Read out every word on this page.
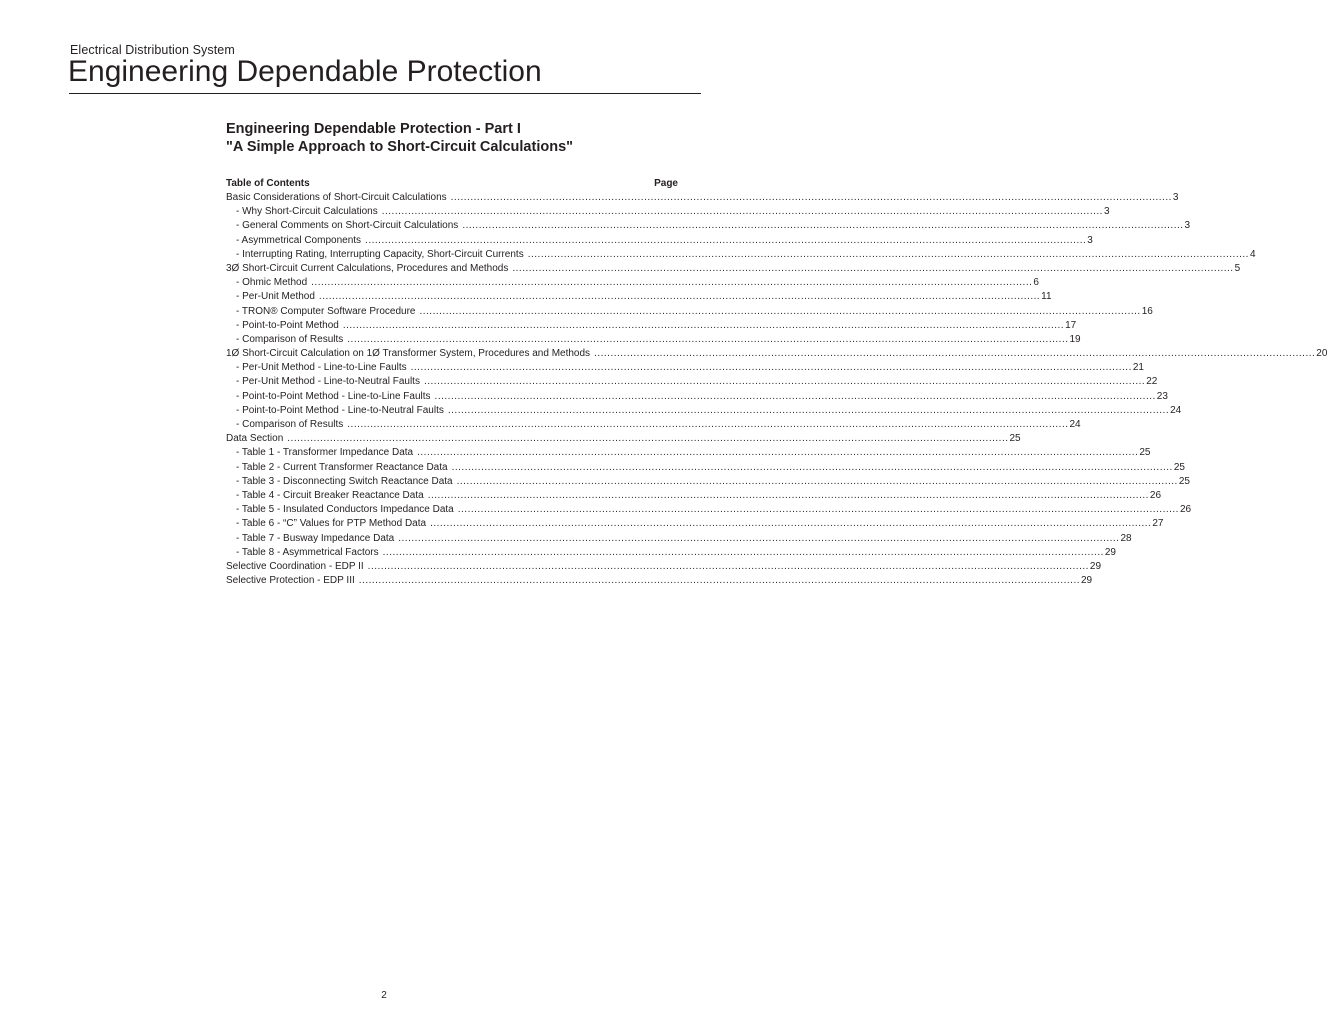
Electrical Distribution System
Engineering Dependable Protection
Engineering Dependable Protection - Part I
"A Simple Approach to Short-Circuit Calculations"
Table of Contents	Page
Basic Considerations of Short-Circuit Calculations ............................................................................................................................................................................................................................ 3
- Why Short-Circuit Calculations ............................................................................................................................................................................................................................ 3
- General Comments on Short-Circuit Calculations ............................................................................................................................................................................................................................ 3
- Asymmetrical Components ............................................................................................................................................................................................................................ 3
- Interrupting Rating, Interrupting Capacity, Short-Circuit Currents ............................................................................................................................................................................................................................ 4
3Ø Short-Circuit Current Calculations, Procedures and Methods ............................................................................................................................................................................................................................ 5
- Ohmic Method ............................................................................................................................................................................................................................ 6
- Per-Unit Method ............................................................................................................................................................................................................................ 11
- TRON® Computer Software Procedure ............................................................................................................................................................................................................................ 16
- Point-to-Point Method ............................................................................................................................................................................................................................ 17
- Comparison of Results ............................................................................................................................................................................................................................ 19
1Ø Short-Circuit Calculation on 1Ø Transformer System, Procedures and Methods ............................................................................................................................................................................................................................ 20
- Per-Unit Method - Line-to-Line Faults ............................................................................................................................................................................................................................ 21
- Per-Unit Method - Line-to-Neutral Faults ............................................................................................................................................................................................................................ 22
- Point-to-Point Method - Line-to-Line Faults ............................................................................................................................................................................................................................ 23
- Point-to-Point Method - Line-to-Neutral Faults ............................................................................................................................................................................................................................ 24
- Comparison of Results ............................................................................................................................................................................................................................ 24
Data Section ............................................................................................................................................................................................................................ 25
- Table 1 - Transformer Impedance Data ............................................................................................................................................................................................................................ 25
- Table 2 - Current Transformer Reactance Data ............................................................................................................................................................................................................................ 25
- Table 3 - Disconnecting Switch Reactance Data ............................................................................................................................................................................................................................ 25
- Table 4 - Circuit Breaker Reactance Data ............................................................................................................................................................................................................................ 26
- Table 5 - Insulated Conductors Impedance Data ............................................................................................................................................................................................................................ 26
- Table 6 - “C” Values for PTP Method Data ............................................................................................................................................................................................................................ 27
- Table 7 - Busway Impedance Data ............................................................................................................................................................................................................................ 28
- Table 8 - Asymmetrical Factors ............................................................................................................................................................................................................................ 29
Selective Coordination - EDP II ............................................................................................................................................................................................................................ 29
Selective Protection - EDP III ............................................................................................................................................................................................................................ 29
2
